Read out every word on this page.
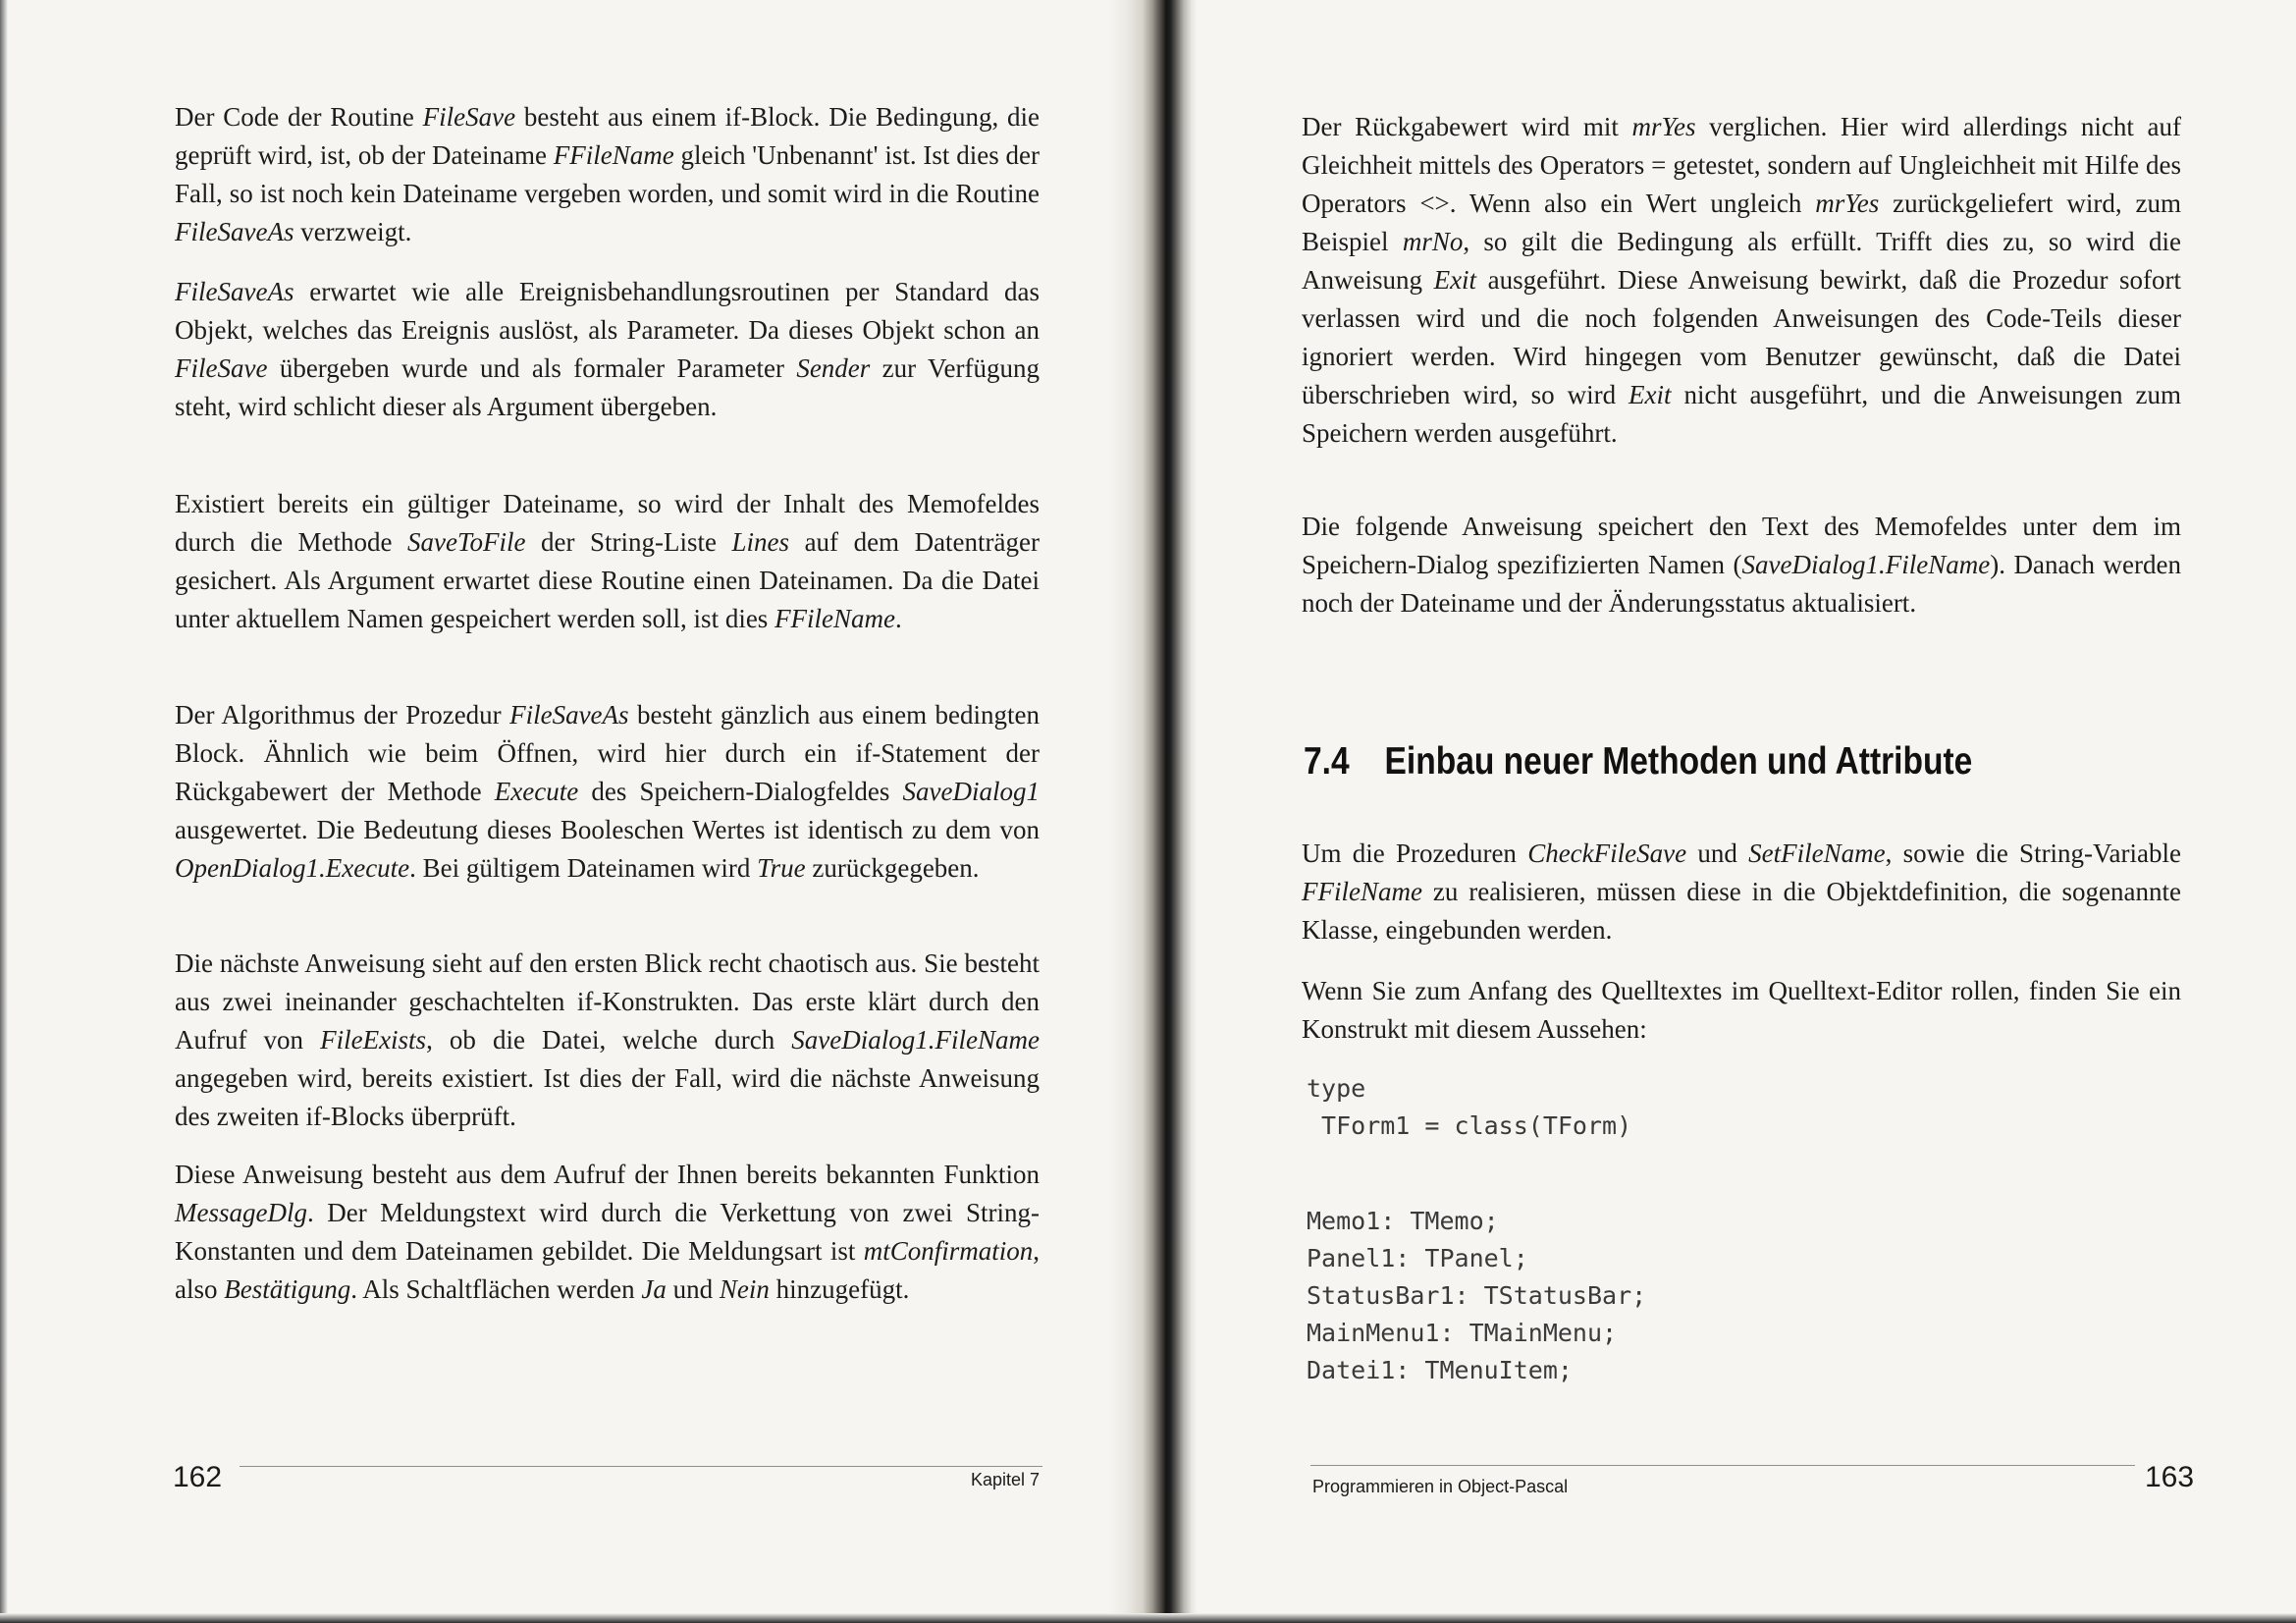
Der Code der Routine FileSave besteht aus einem if-Block. Die Bedingung, die geprüft wird, ist, ob der Dateiname FFileName gleich 'Unbenannt' ist. Ist dies der Fall, so ist noch kein Dateiname vergeben worden, und somit wird in die Routine FileSaveAs verzweigt.

FileSaveAs erwartet wie alle Ereignisbehandlungsroutinen per Standard das Objekt, welches das Ereignis auslöst, als Parameter. Da dieses Objekt schon an FileSave übergeben wurde und als formaler Parameter Sender zur Verfügung steht, wird schlicht dieser als Argument übergeben.

Existiert bereits ein gültiger Dateiname, so wird der Inhalt des Memofeldes durch die Methode SaveToFile der String-Liste Lines auf dem Datenträger gesichert. Als Argument erwartet diese Routine einen Dateinamen. Da die Datei unter aktuellem Namen gespeichert werden soll, ist dies FFileName.

Der Algorithmus der Prozedur FileSaveAs besteht gänzlich aus einem bedingten Block. Ähnlich wie beim Öffnen, wird hier durch ein if-Statement der Rückgabewert der Methode Execute des Speichern-Dialogfeldes SaveDialog1 ausgewertet. Die Bedeutung dieses Booleschen Wertes ist identisch zu dem von OpenDialog1.Execute. Bei gültigem Dateinamen wird True zurückgegeben.

Die nächste Anweisung sieht auf den ersten Blick recht chaotisch aus. Sie besteht aus zwei ineinander geschachtelten if-Konstrukten. Das erste klärt durch den Aufruf von FileExists, ob die Datei, welche durch SaveDialog1.FileName angegeben wird, bereits existiert. Ist dies der Fall, wird die nächste Anweisung des zweiten if-Blocks überprüft.

Diese Anweisung besteht aus dem Aufruf der Ihnen bereits bekannten Funktion MessageDlg. Der Meldungstext wird durch die Verkettung von zwei String-Konstanten und dem Dateinamen gebildet. Die Meldungsart ist mtConfirmation, also Bestätigung. Als Schaltflächen werden Ja und Nein hinzugefügt.

162	Kapitel 7

Der Rückgabewert wird mit mrYes verglichen. Hier wird allerdings nicht auf Gleichheit mittels des Operators = getestet, sondern auf Ungleichheit mit Hilfe des Operators <>. Wenn also ein Wert ungleich mrYes zurückgeliefert wird, zum Beispiel mrNo, so gilt die Bedingung als erfüllt. Trifft dies zu, so wird die Anweisung Exit ausgeführt. Diese Anweisung bewirkt, daß die Prozedur sofort verlassen wird und die noch folgenden Anweisungen des Code-Teils dieser ignoriert werden. Wird hingegen vom Benutzer gewünscht, daß die Datei überschrieben wird, so wird Exit nicht ausgeführt, und die Anweisungen zum Speichern werden ausgeführt.

Die folgende Anweisung speichert den Text des Memofeldes unter dem im Speichern-Dialog spezifizierten Namen (SaveDialog1.FileName). Danach werden noch der Dateiname und der Änderungsstatus aktualisiert.

7.4 Einbau neuer Methoden und Attribute

Um die Prozeduren CheckFileSave und SetFileName, sowie die String-Variable FFileName zu realisieren, müssen diese in die Objektdefinition, die sogenannte Klasse, eingebunden werden.

Wenn Sie zum Anfang des Quelltextes im Quelltext-Editor rollen, finden Sie ein Konstrukt mit diesem Aussehen:

type
TForm1 = class(TForm)
Memo1: TMemo;
Panel1: TPanel;
StatusBar1: TStatusBar;
MainMenu1: TMainMenu;
Datei1: TMenuItem;
Programmieren in Object-Pascal	163
